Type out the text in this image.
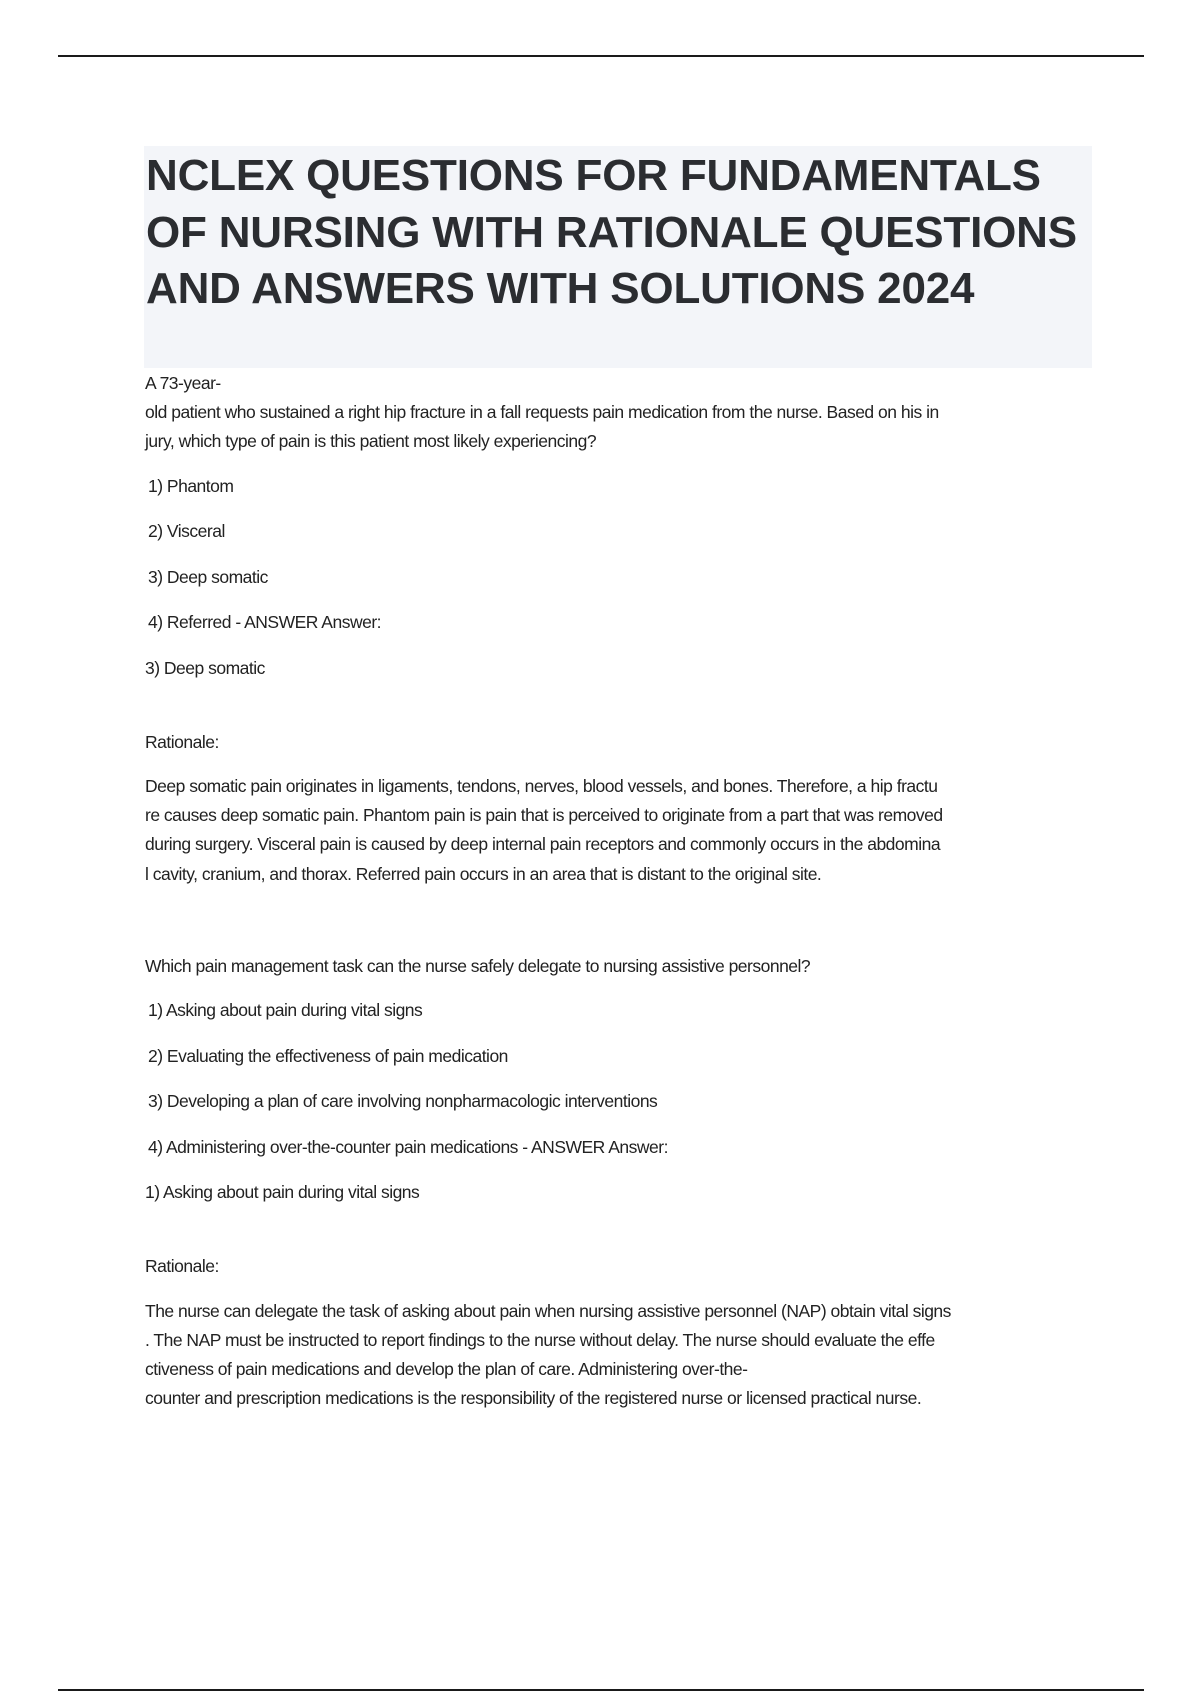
NCLEX QUESTIONS FOR FUNDAMENTALS OF NURSING WITH RATIONALE QUESTIONS AND ANSWERS WITH SOLUTIONS 2024
A 73-year-
old patient who sustained a right hip fracture in a fall requests pain medication from the nurse. Based on his in
jury, which type of pain is this patient most likely experiencing?
1) Phantom
2) Visceral
3) Deep somatic
4) Referred - ANSWER Answer:
3) Deep somatic
Rationale:
Deep somatic pain originates in ligaments, tendons, nerves, blood vessels, and bones. Therefore, a hip fractu
re causes deep somatic pain. Phantom pain is pain that is perceived to originate from a part that was removed
during surgery. Visceral pain is caused by deep internal pain receptors and commonly occurs in the abdomina
l cavity, cranium, and thorax. Referred pain occurs in an area that is distant to the original site.
Which pain management task can the nurse safely delegate to nursing assistive personnel?
1) Asking about pain during vital signs
2) Evaluating the effectiveness of pain medication
3) Developing a plan of care involving nonpharmacologic interventions
4) Administering over-the-counter pain medications - ANSWER Answer:
1) Asking about pain during vital signs
Rationale:
The nurse can delegate the task of asking about pain when nursing assistive personnel (NAP) obtain vital signs
. The NAP must be instructed to report findings to the nurse without delay. The nurse should evaluate the effe
ctiveness of pain medications and develop the plan of care. Administering over-the-
counter and prescription medications is the responsibility of the registered nurse or licensed practical nurse.
